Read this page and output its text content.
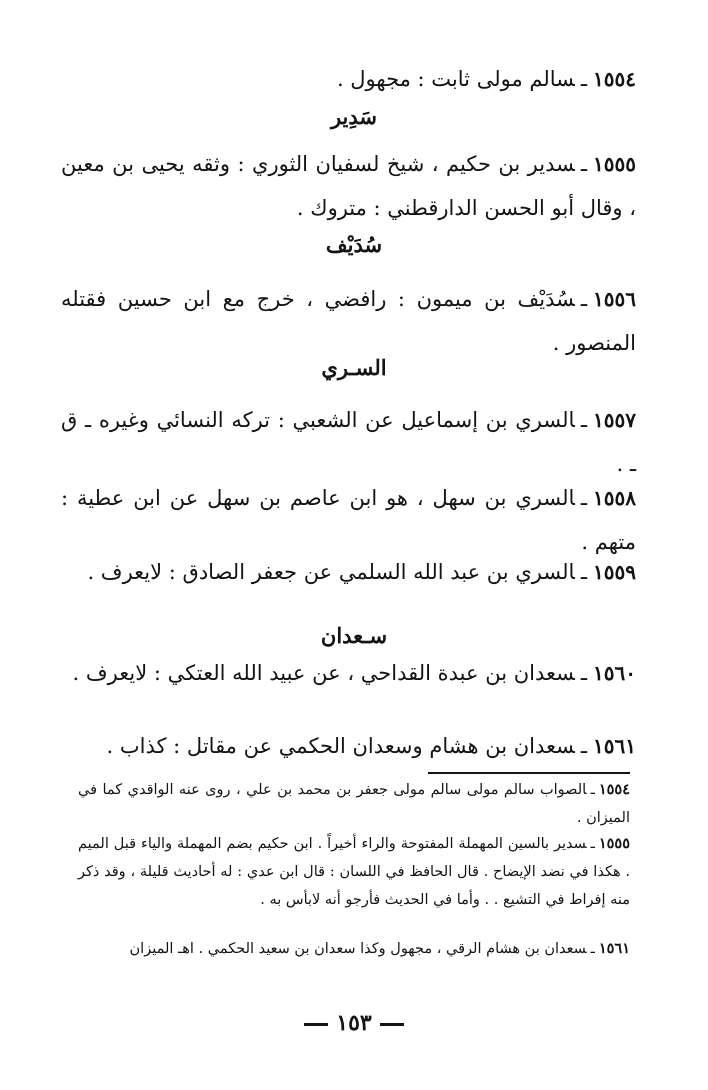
١٥٥٤ـسالم مولى ثابت : مجهول .
سَدِير
١٥٥٥ـسدير بن حكيم ، شيخ لسفيان الثوري : وثقه يحيى بن معين ، وقال أبو الحسن الدارقطني : متروك .
سُدَيْف
١٥٥٦ـسُدَيْف بن ميمون : رافضي ، خرج مع ابن حسين فقتله المنصور .
السـري
١٥٥٧ـالسري بن إسماعيل عن الشعبي : تركه النسائي وغيره ـ ق ـ .
١٥٥٨ـالسري بن سهل ، هو ابن عاصم بن سهل عن ابن عطية : متهم .
١٥٥٩ـالسري بن عبد الله السلمي عن جعفر الصادق : لايعرف .
سـعدان
١٥٦٠ـسعدان بن عبدة القداحي ، عن عبيد الله العتكي : لايعرف .
١٥٦١ـسعدان بن هشام وسعدان الحكمي عن مقاتل : كذاب .
١٥٥٤ـالصواب سالم مولى سالم مولى جعفر بن محمد بن علي ، روى عنه الواقدي كما في الميزان .
١٥٥٥ـسدير بالسين المهملة المفتوحة والراء أخيراً . ابن حكيم بضم المهملة والياء قبل الميم . هكذا في نضد الإيضاح . قال الحافظ في اللسان : قال ابن عدي : له أحاديث قليلة ، وقد ذكر منه إفراط في التشيع . . وأما في الحديث فأرجو أنه لابأس به .
١٥٦١ـسعدان بن هشام الرقي ، مجهول وكذا سعدان بن سعيد الحكمي . اهـ الميزان
١٥٣
